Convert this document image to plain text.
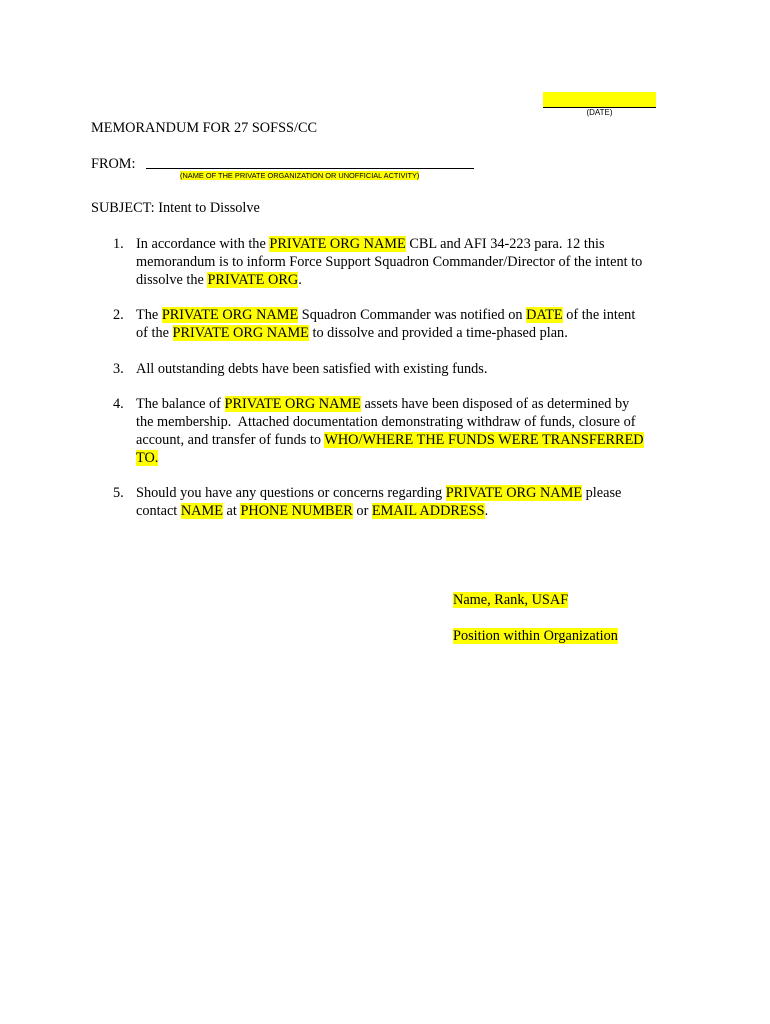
(DATE)
MEMORANDUM FOR 27 SOFSS/CC
FROM:
(NAME OF THE PRIVATE ORGANIZATION OR UNOFFICIAL ACTIVITY)
SUBJECT: Intent to Dissolve
1. In accordance with the PRIVATE ORG NAME CBL and AFI 34-223 para. 12 this
memorandum is to inform Force Support Squadron Commander/Director of the intent to
dissolve the PRIVATE ORG.
2. The PRIVATE ORG NAME Squadron Commander was notified on DATE of the intent
of the PRIVATE ORG NAME to dissolve and provided a time-phased plan.
3. All outstanding debts have been satisfied with existing funds.
4. The balance of PRIVATE ORG NAME assets have been disposed of as determined by
the membership.  Attached documentation demonstrating withdraw of funds, closure of
account, and transfer of funds to WHO/WHERE THE FUNDS WERE TRANSFERRED
TO.
5. Should you have any questions or concerns regarding PRIVATE ORG NAME please
contact NAME at PHONE NUMBER or EMAIL ADDRESS.
Name, Rank, USAF
Position within Organization
